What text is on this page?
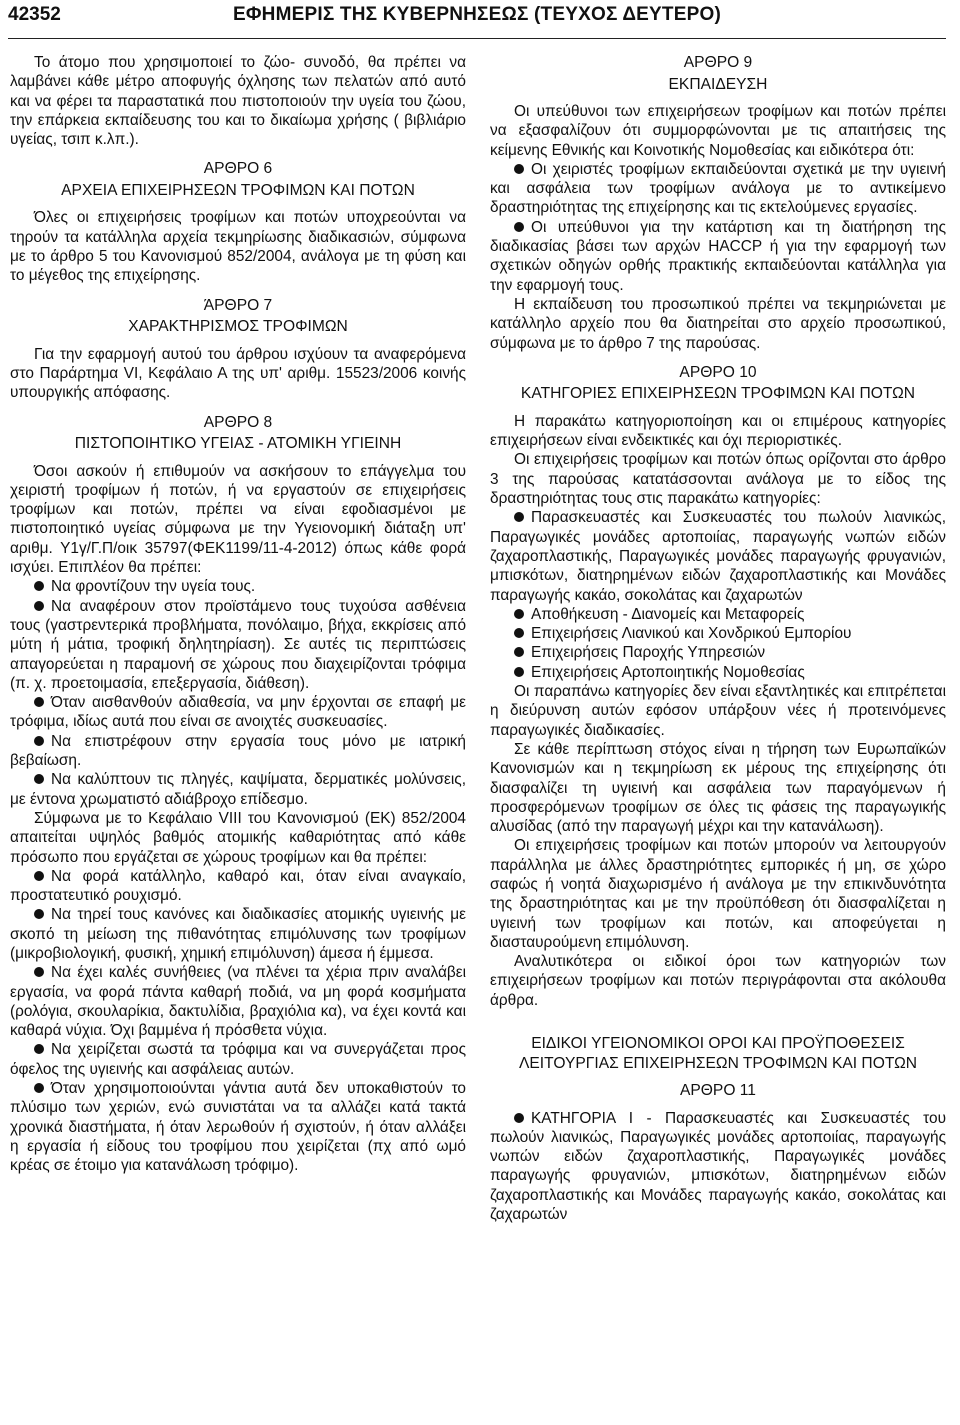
42352	ΕΦΗΜΕΡΙΣ ΤΗΣ ΚΥΒΕΡΝΗΣΕΩΣ (ΤΕΥΧΟΣ ΔΕΥΤΕΡΟ)

Το άτομο που χρησιμοποιεί το ζώο- συνοδό, θα πρέπει να λαμβάνει κάθε μέτρο αποφυγής όχλησης των πελατών από αυτό και να φέρει τα παραστατικά που πιστοποιούν την υγεία του ζώου, την επάρκεια εκπαίδευσης του και το δικαίωμα χρήσης ( βιβλιάριο υγείας, τσιπ κ.λπ.).

ΑΡΘΡΟ 6
ΑΡΧΕΙΑ ΕΠΙΧΕΙΡΗΣΕΩΝ ΤΡΟΦΙΜΩΝ ΚΑΙ ΠΟΤΩΝ

Όλες οι επιχειρήσεις τροφίμων και ποτών υποχρεούνται να τηρούν τα κατάλληλα αρχεία τεκμηρίωσης διαδικασιών, σύμφωνα με το άρθρο 5 του Κανονισμού 852/2004, ανάλογα με τη φύση και το μέγεθος της επιχείρησης.

ΆΡΘΡΟ 7
ΧΑΡΑΚΤΗΡΙΣΜΟΣ ΤΡΟΦΙΜΩΝ

Για την εφαρμογή αυτού του άρθρου ισχύουν τα αναφερόμενα στο Παράρτημα VI, Κεφάλαιο Α της υπ' αριθμ. 15523/2006 κοινής υπουργικής απόφασης.

ΑΡΘΡΟ 8
ΠΙΣΤΟΠΟΙΗΤΙΚΟ ΥΓΕΙΑΣ - ΑΤΟΜΙΚΗ ΥΓΙΕΙΝΗ

Όσοι ασκούν ή επιθυμούν να ασκήσουν το επάγγελμα του χειριστή τροφίμων ή ποτών, ή να εργαστούν σε επιχειρήσεις τροφίμων και ποτών, πρέπει να είναι εφοδιασμένοι με πιστοποιητικό υγείας σύμφωνα με την Υγειονομική διάταξη υπ' αριθμ. Υ1γ/Γ.Π/οικ 35797(ΦΕΚ1199/11-4-2012) όπως κάθε φορά ισχύει. Επιπλέον θα πρέπει:

Να φροντίζουν την υγεία τους.

Να αναφέρουν στον προϊστάμενο τους τυχούσα ασθένεια τους (γαστρεντερικά προβλήματα, πονόλαιμο, βήχα, εκκρίσεις από μύτη ή μάτια, τροφική δηλητηρίαση). Σε αυτές τις περιπτώσεις απαγορεύεται η παραμονή σε χώρους που διαχειρίζονται τρόφιμα (π. χ. προετοιμασία, επεξεργασία, διάθεση).

Όταν αισθανθούν αδιαθεσία, να μην έρχονται σε επαφή με τρόφιμα, ιδίως αυτά που είναι σε ανοιχτές συσκευασίες.

Να επιστρέφουν στην εργασία τους μόνο με ιατρική βεβαίωση.

Να καλύπτουν τις πληγές, καψίματα, δερματικές μολύνσεις, με έντονα χρωματιστό αδιάβροχο επίδεσμο.

Σύμφωνα με το Κεφάλαιο VIII του Κανονισμού (ΕΚ) 852/2004 απαιτείται υψηλός βαθμός ατομικής καθαριότητας από κάθε πρόσωπο που εργάζεται σε χώρους τροφίμων και θα πρέπει:

Να φορά κατάλληλο, καθαρό και, όταν είναι αναγκαίο, προστατευτικό ρουχισμό.

Να τηρεί τους κανόνες και διαδικασίες ατομικής υγιεινής με σκοπό τη μείωση της πιθανότητας επιμόλυνσης των τροφίμων (μικροβιολογική, φυσική, χημική επιμόλυνση) άμεσα ή έμμεσα.

Να έχει καλές συνήθειες (να πλένει τα χέρια πριν αναλάβει εργασία, να φορά πάντα καθαρή ποδιά, να μη φορά κοσμήματα (ρολόγια, σκουλαρίκια, δακτυλίδια, βραχιόλια κα), να έχει κοντά και καθαρά νύχια. Όχι βαμμένα ή πρόσθετα νύχια.

Να χειρίζεται σωστά τα τρόφιμα και να συνεργάζεται προς όφελος της υγιεινής και ασφάλειας αυτών.

Όταν χρησιμοποιούνται γάντια αυτά δεν υποκαθιστούν το πλύσιμο των χεριών, ενώ συνιστάται να τα αλλάζει κατά τακτά χρονικά διαστήματα, ή όταν λερωθούν ή σχιστούν, ή όταν αλλάξει η εργασία ή είδους του τροφίμου που χειρίζεται (πχ από ωμό κρέας σε έτοιμο για κατανάλωση τρόφιμο).

ΑΡΘΡΟ 9
ΕΚΠΑΙΔΕΥΣΗ

Οι υπεύθυνοι των επιχειρήσεων τροφίμων και ποτών πρέπει να εξασφαλίζουν ότι συμμορφώνονται με τις απαιτήσεις της κείμενης Εθνικής και Κοινοτικής Νομοθεσίας και ειδικότερα ότι:

Οι χειριστές τροφίμων εκπαιδεύονται σχετικά με την υγιεινή και ασφάλεια των τροφίμων ανάλογα με το αντικείμενο δραστηριότητας της επιχείρησης και τις εκτελούμενες εργασίες.

Οι υπεύθυνοι για την κατάρτιση και τη διατήρηση της διαδικασίας βάσει των αρχών HACCP ή για την εφαρμογή των σχετικών οδηγών ορθής πρακτικής εκπαιδεύονται κατάλληλα για την εφαρμογή τους.

Η εκπαίδευση του προσωπικού πρέπει να τεκμηριώνεται με κατάλληλο αρχείο που θα διατηρείται στο αρχείο προσωπικού, σύμφωνα με το άρθρο 7 της παρούσας.

ΑΡΘΡΟ 10
ΚΑΤΗΓΟΡΙΕΣ ΕΠΙΧΕΙΡΗΣΕΩΝ ΤΡΟΦΙΜΩΝ ΚΑΙ ΠΟΤΩΝ

Η παρακάτω κατηγοριοποίηση και οι επιμέρους κατηγορίες επιχειρήσεων είναι ενδεικτικές και όχι περιοριστικές.

Οι επιχειρήσεις τροφίμων και ποτών όπως ορίζονται στο άρθρο 3 της παρούσας κατατάσσονται ανάλογα με το είδος της δραστηριότητας τους στις παρακάτω κατηγορίες:

Παρασκευαστές και Συσκευαστές του πωλούν λιανικώς, Παραγωγικές μονάδες αρτοποιίας, παραγωγής νωπών ειδών ζαχαροπλαστικής, Παραγωγικές μονάδες παραγωγής φρυγανιών, μπισκότων, διατηρημένων ειδών ζαχαροπλαστικής και Μονάδες παραγωγής κακάο, σοκολάτας και ζαχαρωτών

Αποθήκευση - Διανομείς και Μεταφορείς

Επιχειρήσεις Λιανικού και Χονδρικού Εμπορίου

Επιχειρήσεις Παροχής Υπηρεσιών

Επιχειρήσεις Αρτοποιητικής Νομοθεσίας

Οι παραπάνω κατηγορίες δεν είναι εξαντλητικές και επιτρέπεται η διεύρυνση αυτών εφόσον υπάρξουν νέες ή προτεινόμενες παραγωγικές διαδικασίες.

Σε κάθε περίπτωση στόχος είναι η τήρηση των Ευρωπαϊκών Κανονισμών και η τεκμηρίωση εκ μέρους της επιχείρησης ότι διασφαλίζει τη υγιεινή και ασφάλεια των παραγόμενων ή προσφερόμενων τροφίμων σε όλες τις φάσεις της παραγωγικής αλυσίδας (από την παραγωγή μέχρι και την κατανάλωση).

Οι επιχειρήσεις τροφίμων και ποτών μπορούν να λειτουργούν παράλληλα με άλλες δραστηριότητες εμπορικές ή μη, σε χώρο σαφώς ή νοητά διαχωρισμένο ή ανάλογα με την επικινδυνότητα της δραστηριότητας και με την προϋπόθεση ότι διασφαλίζεται η υγιεινή των τροφίμων και ποτών, και αποφεύγεται η διασταυρούμενη επιμόλυνση.

Αναλυτικότερα οι ειδικοί όροι των κατηγοριών των επιχειρήσεων τροφίμων και ποτών περιγράφονται στα ακόλουθα άρθρα.

ΕΙΔΙΚΟΙ ΥΓΕΙΟΝΟΜΙΚΟΙ ΟΡΟΙ ΚΑΙ ΠΡΟΫΠΟΘΕΣΕΙΣ
ΛΕΙΤΟΥΡΓΙΑΣ ΕΠΙΧΕΙΡΗΣΕΩΝ ΤΡΟΦΙΜΩΝ ΚΑΙ ΠΟΤΩΝ
ΑΡΘΡΟ 11

ΚΑΤΗΓΟΡΙΑ Ι - Παρασκευαστές και Συσκευαστές του πωλούν λιανικώς, Παραγωγικές μονάδες αρτοποιίας, παραγωγής νωπών ειδών ζαχαροπλαστικής, Παραγωγικές μονάδες παραγωγής φρυγανιών, μπισκότων, διατηρημένων ειδών ζαχαροπλαστικής και Μονάδες παραγωγής κακάο, σοκολάτας και ζαχαρωτών
